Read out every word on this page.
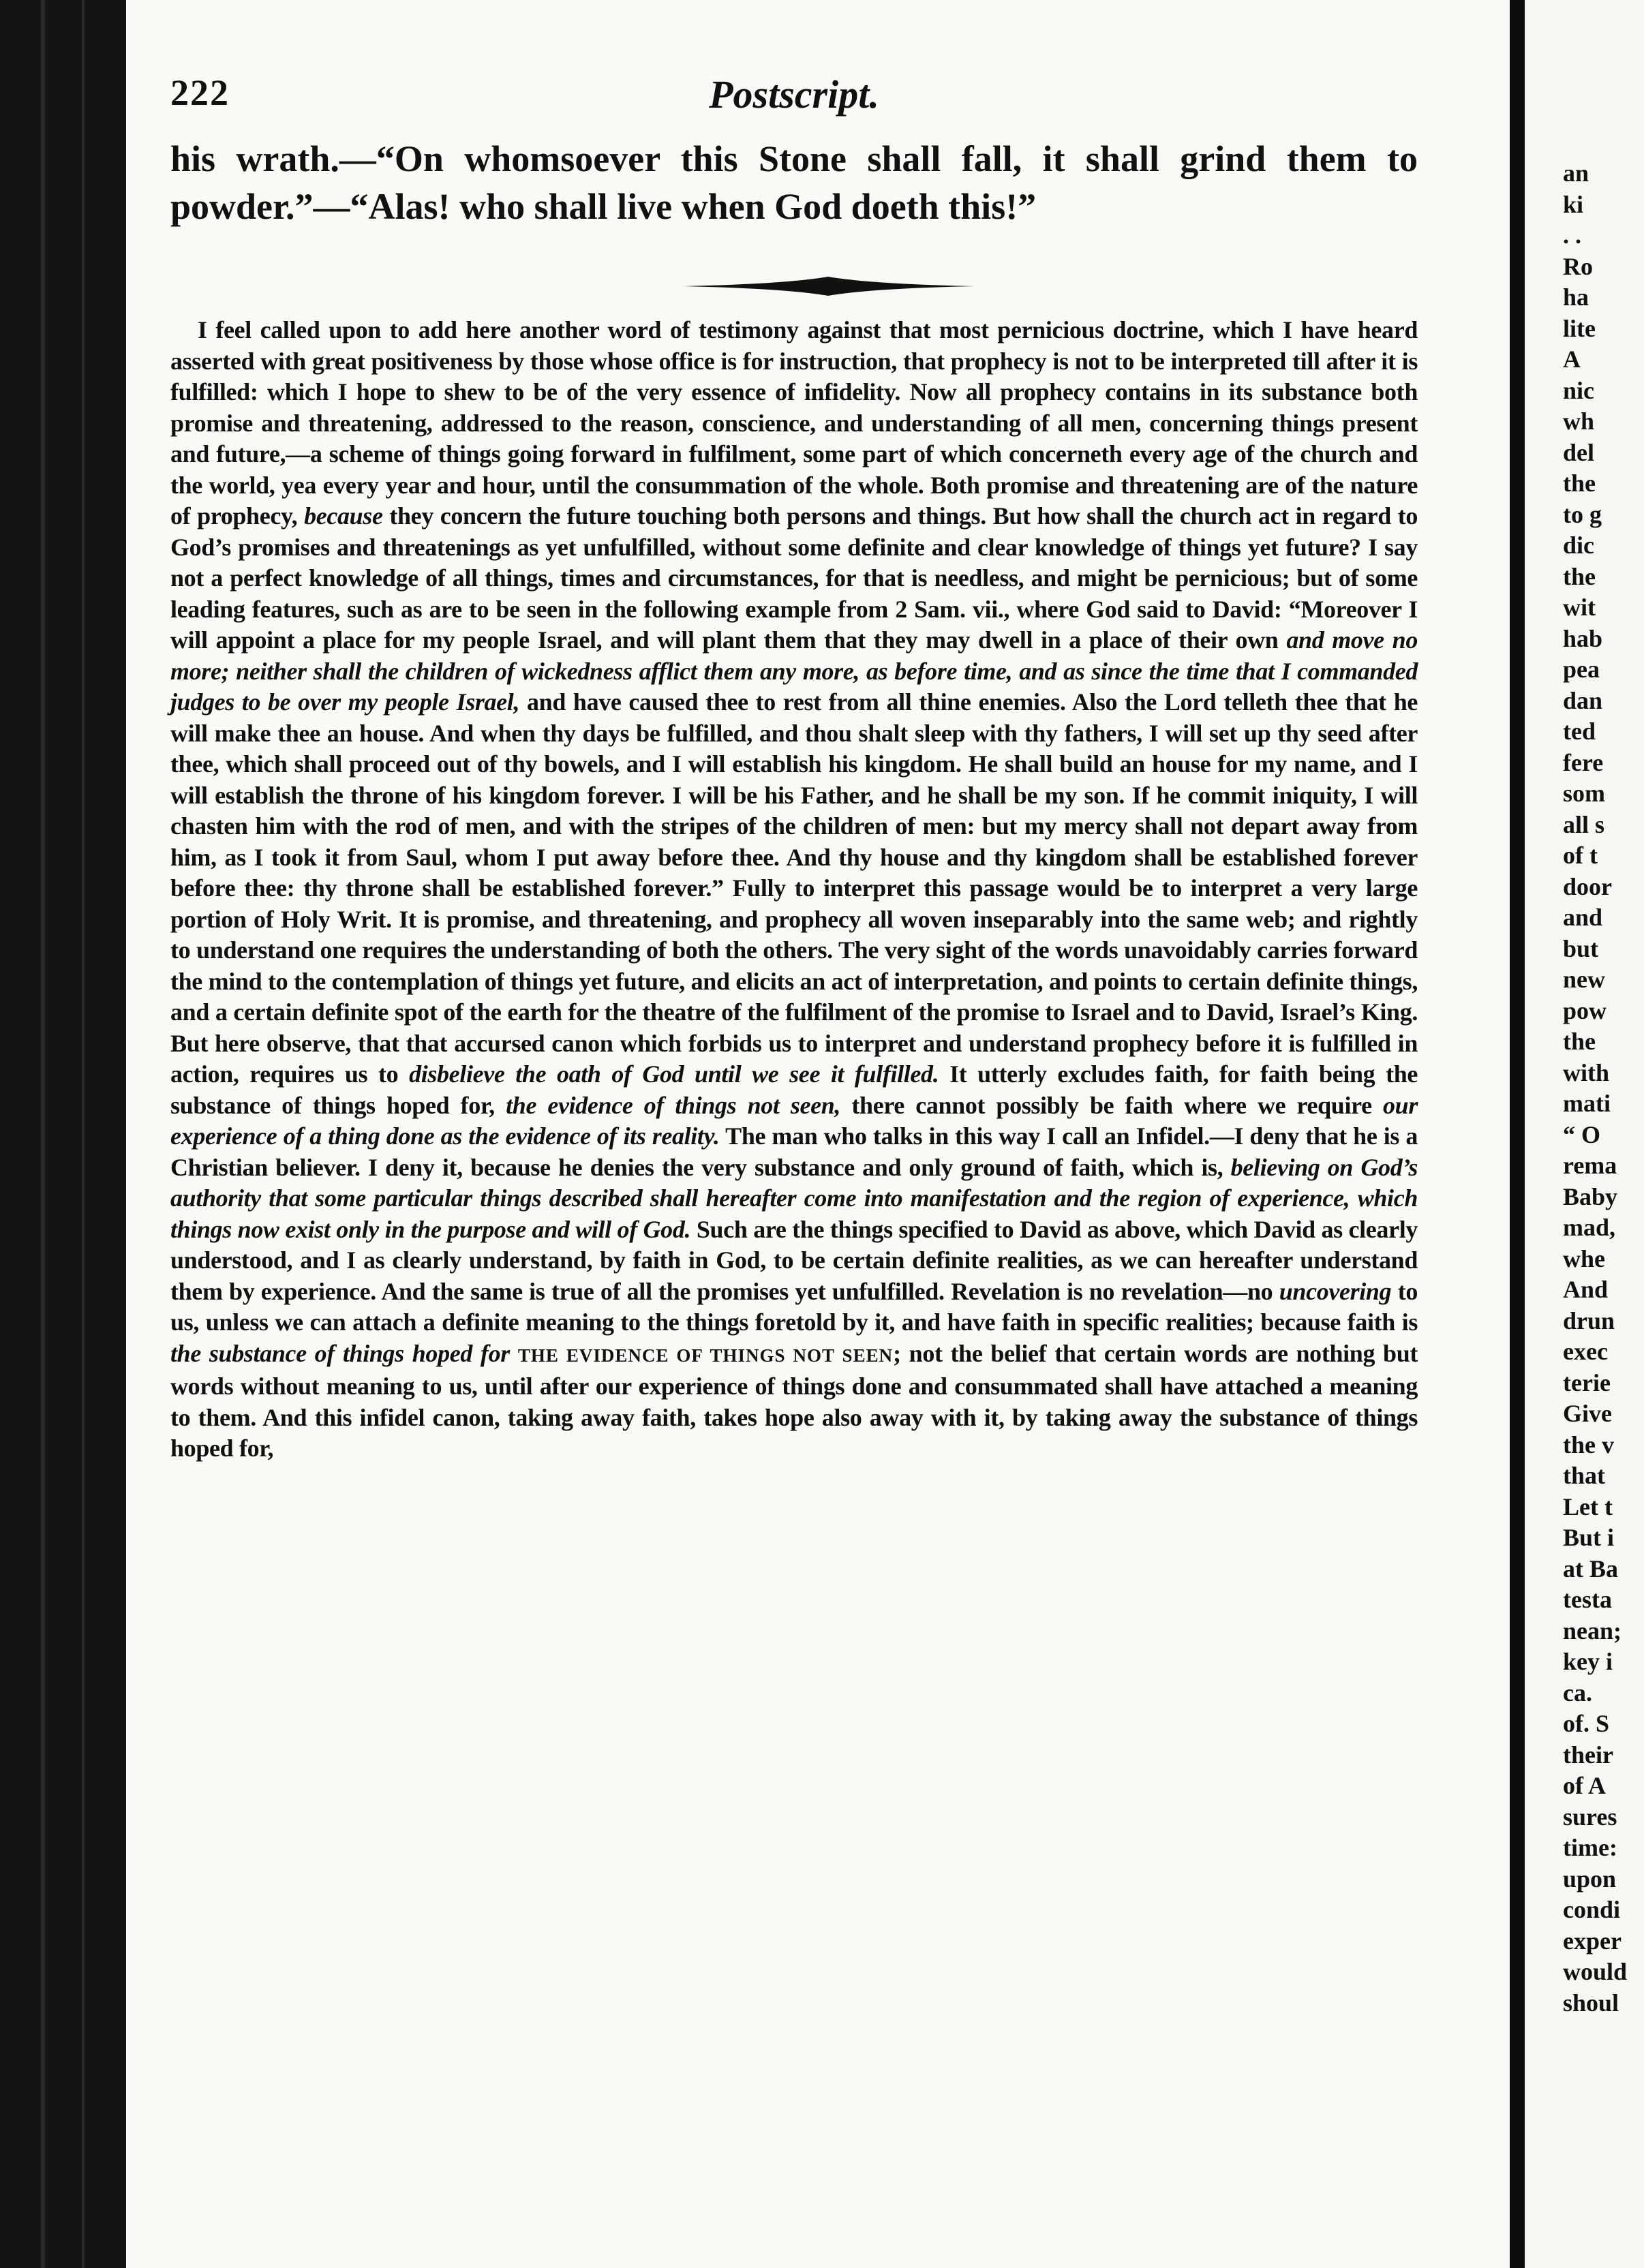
222	Postscript.
his wrath.—“On whomsoever this Stone shall fall, it shall grind them to powder.”—“Alas! who shall live when God doeth this!”

I feel called upon to add here another word of testimony against that most pernicious doctrine, which I have heard asserted with great positiveness by those whose office is for instruction, that prophecy is not to be interpreted till after it is fulfilled: which I hope to shew to be of the very essence of infidelity. Now all prophecy contains in its substance both promise and threatening, addressed to the reason, conscience, and understanding of all men, concerning things present and future,—a scheme of things going forward in fulfilment, some part of which concerneth every age of the church and the world, yea every year and hour, until the consummation of the whole. Both promise and threatening are of the nature of prophecy, because they concern the future touching both persons and things. But how shall the church act in regard to God’s promises and threatenings as yet unfulfilled, without some definite and clear knowledge of things yet future? I say not a perfect knowledge of all things, times and circumstances, for that is needless, and might be pernicious; but of some leading features, such as are to be seen in the following example from 2 Sam. vii., where God said to David: “Moreover I will appoint a place for my people Israel, and will plant them that they may dwell in a place of their own and move no more; neither shall the children of wickedness afflict them any more, as before time, and as since the time that I commanded judges to be over my people Israel, and have caused thee to rest from all thine enemies. Also the Lord telleth thee that he will make thee an house. And when thy days be fulfilled, and thou shalt sleep with thy fathers, I will set up thy seed after thee, which shall proceed out of thy bowels, and I will establish his kingdom. He shall build an house for my name, and I will establish the throne of his kingdom forever. I will be his Father, and he shall be my son. If he commit iniquity, I will chasten him with the rod of men, and with the stripes of the children of men: but my mercy shall not depart away from him, as I took it from Saul, whom I put away before thee. And thy house and thy kingdom shall be established forever before thee: thy throne shall be established forever.” Fully to interpret this passage would be to interpret a very large portion of Holy Writ. It is promise, and threatening, and prophecy all woven inseparably into the same web; and rightly to understand one requires the understanding of both the others. The very sight of the words unavoidably carries forward the mind to the contemplation of things yet future, and elicits an act of interpretation, and points to certain definite things, and a certain definite spot of the earth for the theatre of the fulfilment of the promise to Israel and to David, Israel’s King. But here observe, that that accursed canon which forbids us to interpret and understand prophecy before it is fulfilled in action, requires us to disbelieve the oath of God until we see it fulfilled. It utterly excludes faith, for faith being the substance of things hoped for, the evidence of things not seen, there cannot possibly be faith where we require our experience of a thing done as the evidence of its reality. The man who talks in this way I call an Infidel.—I deny that he is a Christian believer. I deny it, because he denies the very substance and only ground of faith, which is, believing on God’s authority that some particular things described shall hereafter come into manifestation and the region of experience, which things now exist only in the purpose and will of God. Such are the things specified to David as above, which David as clearly understood, and I as clearly understand, by faith in God, to be certain definite realities, as we can hereafter understand them by experience. And the same is true of all the promises yet unfulfilled. Revelation is no revelation—no uncovering to us, unless we can attach a definite meaning to the things foretold by it, and have faith in specific realities; because faith is the substance of things hoped for THE EVIDENCE OF THINGS NOT SEEN; not the belief that certain words are nothing but words without meaning to us, until after our experience of things done and consummated shall have attached a meaning to them. And this infidel canon, taking away faith, takes hope also away with it, by taking away the substance of things hoped for,

an
ki
. .
Ro
ha
lite
A
nic
wh
del
the
to g
dic
the
wit
hab
pea
dan
ted
fere
som
all s
of t
door
and
but
new
pow
the
with
mati
“ O
rema
Baby
mad,
whe
And
drun
exec
terie
Give
the v
that
Let t
But i
at Ba
testa
nean;
key i
ca.
of. S
their
of A
sures
time:
upon
condi
exper
would
shoul
